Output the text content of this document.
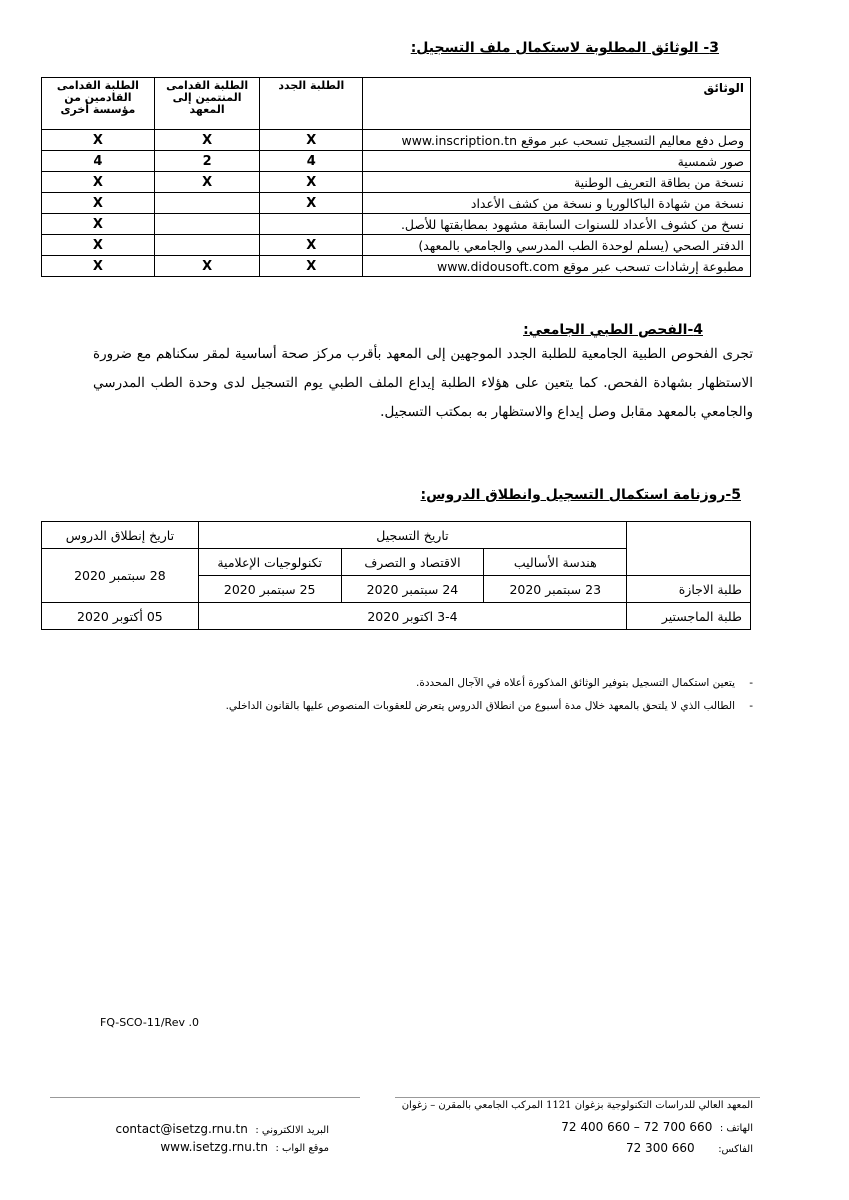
3- الوثائق المطلوبة لاستكمال ملف التسجيل:
الوثائق	الطلبة الجدد	الطلبة القدامى المنتمين إلى المعهد	الطلبة القدامى القادمين من مؤسسة أخرى
وصل دفع معاليم التسجيل تسحب عبر موقع www.inscription.tn	X	X	X
صور شمسية	4	2	4
نسخة من بطاقة التعريف الوطنية	X	X	X
نسخة من شهادة الباكالوريا و نسخة من كشف الأعداد	X		X
نسخ من كشوف الأعداد للسنوات السابقة مشهود بمطابقتها للأصل.			X
الدفتر الصحي (يسلم لوحدة الطب المدرسي والجامعي بالمعهد)	X		X
مطبوعة إرشادات تسحب عبر موقع www.didousoft.com	X	X	X
4-الفحص الطبي الجامعي:

تجرى الفحوص الطبية الجامعية للطلبة الجدد الموجهين إلى المعهد بأقرب مركز صحة أساسية لمقر سكناهم مع ضرورة الاستظهار بشهادة الفحص. كما يتعين على هؤلاء الطلبة إيداع الملف الطبي يوم التسجيل لدى وحدة الطب المدرسي والجامعي بالمعهد مقابل وصل إيداع والاستظهار به بمكتب التسجيل.

5-روزنامة استكمال التسجيل وانطلاق الدروس:
	تاريخ التسجيل			تاريخ إنطلاق الدروس
	هندسة الأساليب	الاقتصاد و التصرف	تكنولوجيات الإعلامية	28 سبتمبر 2020
طلبة الاجازة	23 سبتمبر 2020	24 سبتمبر 2020	25 سبتمبر 2020	
طلبة الماجستير	3-4 اكتوبر 2020			05 أكتوبر 2020
-
يتعين استكمال التسجيل بتوفير الوثائق المذكورة أعلاه في الآجال المحددة.
-
الطالب الذي لا يلتحق بالمعهد خلال مدة أسبوع من انطلاق الدروس يتعرض للعقوبات المنصوص عليها بالقانون الداخلي.
FQ-SCO-11/Rev .0
المعهد العالي للدراسات التكنولوجية بزغوان 1121 المركب الجامعي بالمقرن – زغوان
الهاتف : 72 400 660 – 72 700 660
الفاكس: 72 300 660
البريد الالكتروني : contact@isetzg.rnu.tn
موقع الواب : www.isetzg.rnu.tn
